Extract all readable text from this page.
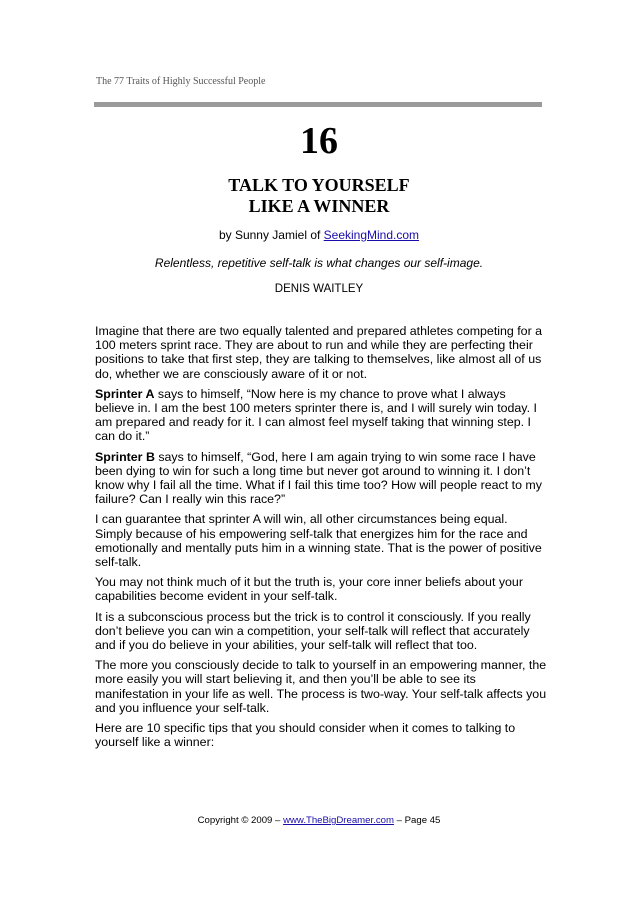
The 77 Traits of Highly Successful People
16
TALK TO YOURSELF
LIKE A WINNER
by Sunny Jamiel of SeekingMind.com
Relentless, repetitive self-talk is what changes our self-image.
DENIS WAITLEY

Imagine that there are two equally talented and prepared athletes competing for a 100 meters sprint race. They are about to run and while they are perfecting their positions to take that first step, they are talking to themselves, like almost all of us do, whether we are consciously aware of it or not.

Sprinter A says to himself, “Now here is my chance to prove what I always believe in. I am the best 100 meters sprinter there is, and I will surely win today. I am prepared and ready for it. I can almost feel myself taking that winning step. I can do it.”

Sprinter B says to himself, “God, here I am again trying to win some race I have been dying to win for such a long time but never got around to winning it. I don’t know why I fail all the time. What if I fail this time too? How will people react to my failure? Can I really win this race?”

I can guarantee that sprinter A will win, all other circumstances being equal. Simply because of his empowering self-talk that energizes him for the race and emotionally and mentally puts him in a winning state. That is the power of positive self-talk.

You may not think much of it but the truth is, your core inner beliefs about your capabilities become evident in your self-talk.

It is a subconscious process but the trick is to control it consciously. If you really don’t believe you can win a competition, your self-talk will reflect that accurately and if you do believe in your abilities, your self-talk will reflect that too.

The more you consciously decide to talk to yourself in an empowering manner, the more easily you will start believing it, and then you’ll be able to see its manifestation in your life as well. The process is two-way. Your self-talk affects you and you influence your self-talk.

Here are 10 specific tips that you should consider when it comes to talking to yourself like a winner:

Copyright © 2009 – www.TheBigDreamer.com – Page 45
